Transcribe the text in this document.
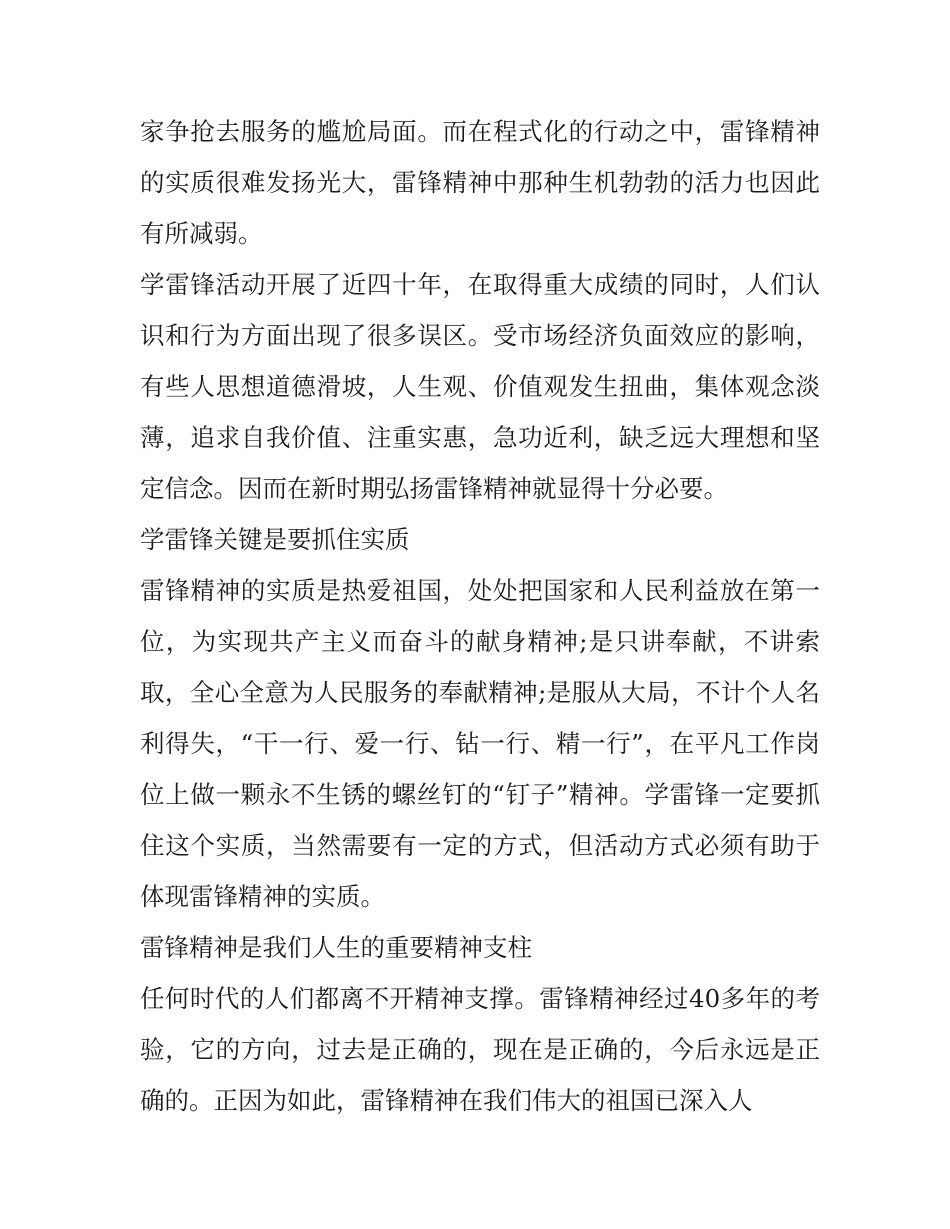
家争抢去服务的尴尬局面。而在程式化的行动之中，雷锋精神的实质很难发扬光大，雷锋精神中那种生机勃勃的活力也因此有所减弱。

学雷锋活动开展了近四十年，在取得重大成绩的同时，人们认识和行为方面出现了很多误区。受市场经济负面效应的影响，有些人思想道德滑坡，人生观、价值观发生扭曲，集体观念淡薄，追求自我价值、注重实惠，急功近利，缺乏远大理想和坚定信念。因而在新时期弘扬雷锋精神就显得十分必要。

学雷锋关键是要抓住实质

雷锋精神的实质是热爱祖国，处处把国家和人民利益放在第一位，为实现共产主义而奋斗的献身精神;是只讲奉献，不讲索取，全心全意为人民服务的奉献精神;是服从大局，不计个人名利得失，“干一行、爱一行、钻一行、精一行”，在平凡工作岗位上做一颗永不生锈的螺丝钉的“钉子”精神。学雷锋一定要抓住这个实质，当然需要有一定的方式，但活动方式必须有助于体现雷锋精神的实质。

雷锋精神是我们人生的重要精神支柱

任何时代的人们都离不开精神支撑。雷锋精神经过40多年的考验，它的方向，过去是正确的，现在是正确的，今后永远是正确的。正因为如此，雷锋精神在我们伟大的祖国已深入人
